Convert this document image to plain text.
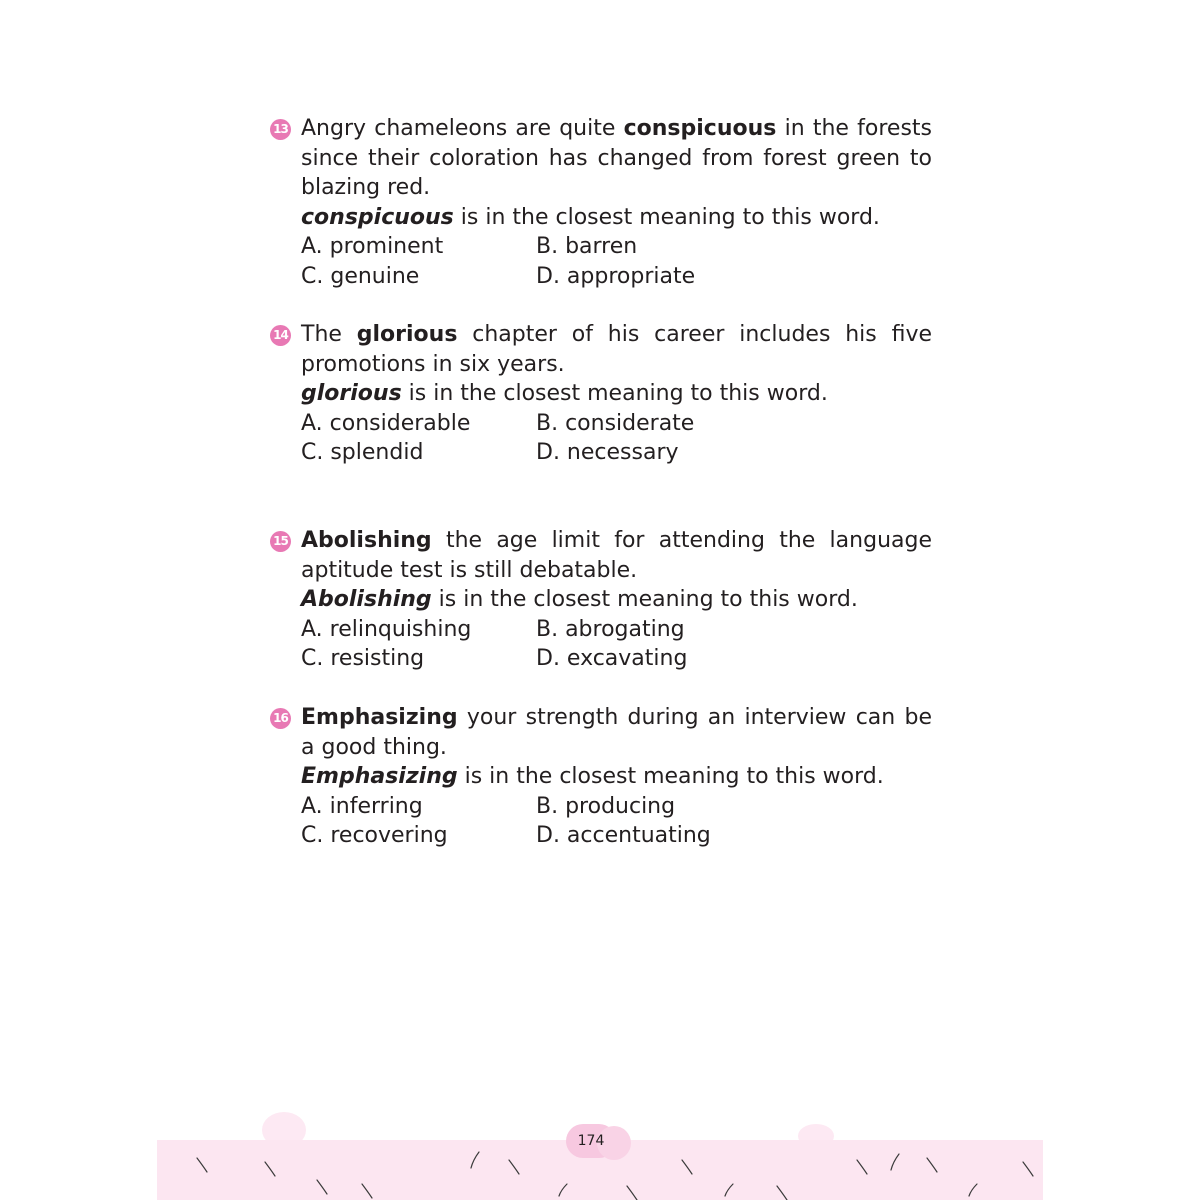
13 Angry chameleons are quite conspicuous in the forests since their coloration has changed from forest green to blazing red.
conspicuous is in the closest meaning to this word.
A. prominent	B. barren
C. genuine	D. appropriate
14 The glorious chapter of his career includes his five promotions in six years.
glorious is in the closest meaning to this word.
A. considerable	B. considerate
C. splendid	D. necessary
15 Abolishing the age limit for attending the language aptitude test is still debatable.
Abolishing is in the closest meaning to this word.
A. relinquishing	B. abrogating
C. resisting	D. excavating
16 Emphasizing your strength during an interview can be a good thing.
Emphasizing is in the closest meaning to this word.
A. inferring	B. producing
C. recovering	D. accentuating
174
